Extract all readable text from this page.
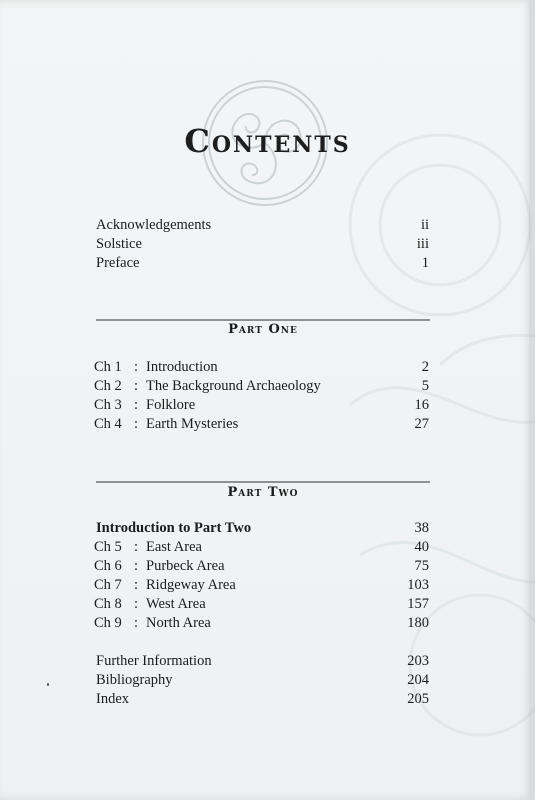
Contents
Acknowledgements	ii
Solstice	iii
Preface	1
Part One
Ch 1 : Introduction	2
Ch 2 : The Background Archaeology	5
Ch 3 : Folklore	16
Ch 4 : Earth Mysteries	27
Part Two
Introduction to Part Two	38
Ch 5 : East Area	40
Ch 6 : Purbeck Area	75
Ch 7 : Ridgeway Area	103
Ch 8 : West Area	157
Ch 9 : North Area	180
Further Information	203
Bibliography	204
Index	205
